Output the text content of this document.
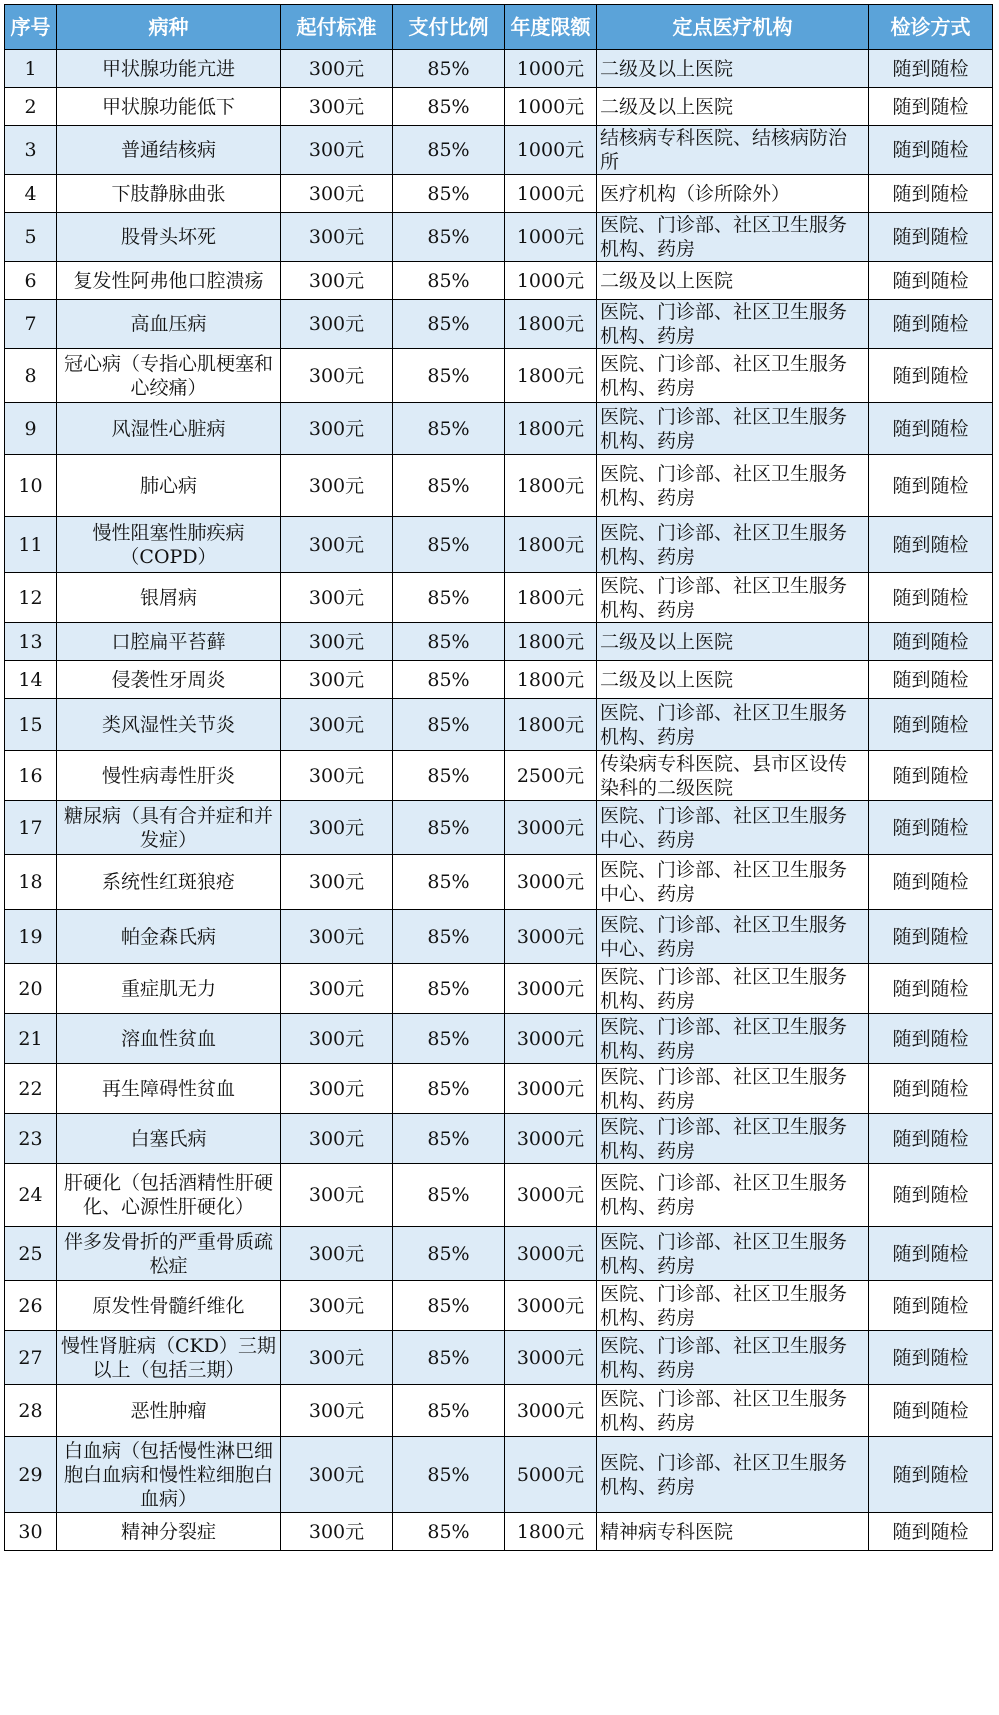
序号	病种	起付标准	支付比例	年度限额	定点医疗机构	检诊方式
1	甲状腺功能亢进	300元	85%	1000元	二级及以上医院	随到随检
2	甲状腺功能低下	300元	85%	1000元	二级及以上医院	随到随检
3	普通结核病	300元	85%	1000元	结核病专科医院、结核病防治所	随到随检
4	下肢静脉曲张	300元	85%	1000元	医疗机构（诊所除外）	随到随检
5	股骨头坏死	300元	85%	1000元	医院、门诊部、社区卫生服务机构、药房	随到随检
6	复发性阿弗他口腔溃疡	300元	85%	1000元	二级及以上医院	随到随检
7	高血压病	300元	85%	1800元	医院、门诊部、社区卫生服务机构、药房	随到随检
8	冠心病（专指心肌梗塞和心绞痛）	300元	85%	1800元	医院、门诊部、社区卫生服务机构、药房	随到随检
9	风湿性心脏病	300元	85%	1800元	医院、门诊部、社区卫生服务机构、药房	随到随检
10	肺心病	300元	85%	1800元	医院、门诊部、社区卫生服务机构、药房	随到随检
11	慢性阻塞性肺疾病（COPD）	300元	85%	1800元	医院、门诊部、社区卫生服务机构、药房	随到随检
12	银屑病	300元	85%	1800元	医院、门诊部、社区卫生服务机构、药房	随到随检
13	口腔扁平苔藓	300元	85%	1800元	二级及以上医院	随到随检
14	侵袭性牙周炎	300元	85%	1800元	二级及以上医院	随到随检
15	类风湿性关节炎	300元	85%	1800元	医院、门诊部、社区卫生服务机构、药房	随到随检
16	慢性病毒性肝炎	300元	85%	2500元	传染病专科医院、县市区设传染科的二级医院	随到随检
17	糖尿病（具有合并症和并发症）	300元	85%	3000元	医院、门诊部、社区卫生服务中心、药房	随到随检
18	系统性红斑狼疮	300元	85%	3000元	医院、门诊部、社区卫生服务中心、药房	随到随检
19	帕金森氏病	300元	85%	3000元	医院、门诊部、社区卫生服务中心、药房	随到随检
20	重症肌无力	300元	85%	3000元	医院、门诊部、社区卫生服务机构、药房	随到随检
21	溶血性贫血	300元	85%	3000元	医院、门诊部、社区卫生服务机构、药房	随到随检
22	再生障碍性贫血	300元	85%	3000元	医院、门诊部、社区卫生服务机构、药房	随到随检
23	白塞氏病	300元	85%	3000元	医院、门诊部、社区卫生服务机构、药房	随到随检
24	肝硬化（包括酒精性肝硬化、心源性肝硬化）	300元	85%	3000元	医院、门诊部、社区卫生服务机构、药房	随到随检
25	伴多发骨折的严重骨质疏松症	300元	85%	3000元	医院、门诊部、社区卫生服务机构、药房	随到随检
26	原发性骨髓纤维化	300元	85%	3000元	医院、门诊部、社区卫生服务机构、药房	随到随检
27	慢性肾脏病（CKD）三期以上（包括三期）	300元	85%	3000元	医院、门诊部、社区卫生服务机构、药房	随到随检
28	恶性肿瘤	300元	85%	3000元	医院、门诊部、社区卫生服务机构、药房	随到随检
29	白血病（包括慢性淋巴细胞白血病和慢性粒细胞白血病）	300元	85%	5000元	医院、门诊部、社区卫生服务机构、药房	随到随检
30	精神分裂症	300元	85%	1800元	精神病专科医院	随到随检
